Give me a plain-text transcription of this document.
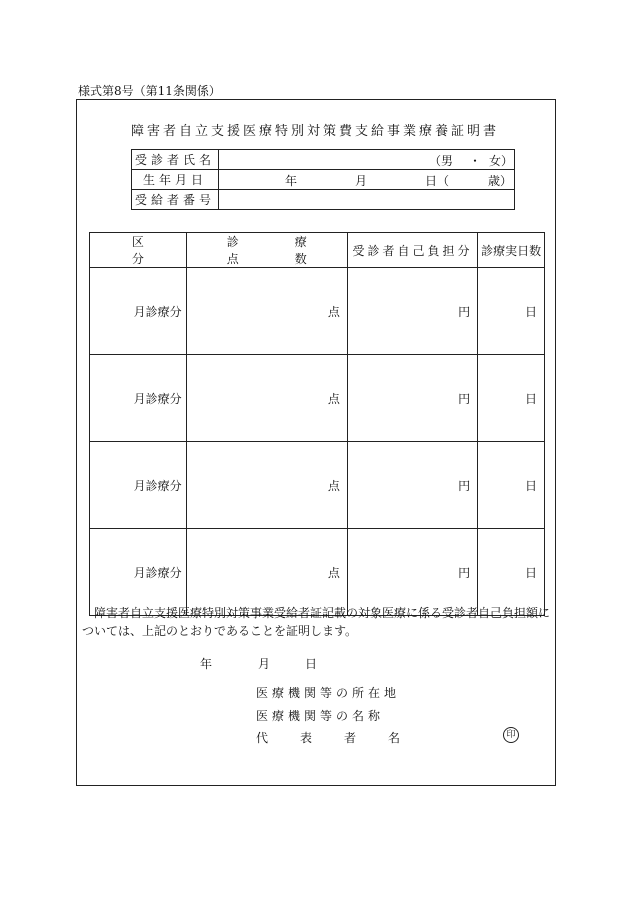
様式第8号（第11条関係）
障害者自立支援医療特別対策費支給事業療養証明書
受診者氏名	（男 ・ 女）

生年月日	年 月 日（ 歳）

受給者番号	
区　分	診　療　点　数	受診者自己負担分	診療実日数
月診療分	点	円	日
月診療分	点	円	日
月診療分	点	円	日
月診療分	点	円	日
障害者自立支援医療特別対策事業受給者証記載の対象医療に係る受診者自己負担額については、上記のとおりであることを証明します。
年	月	日
医療機関等の所在地
医療機関等の名称
代表者名	印
